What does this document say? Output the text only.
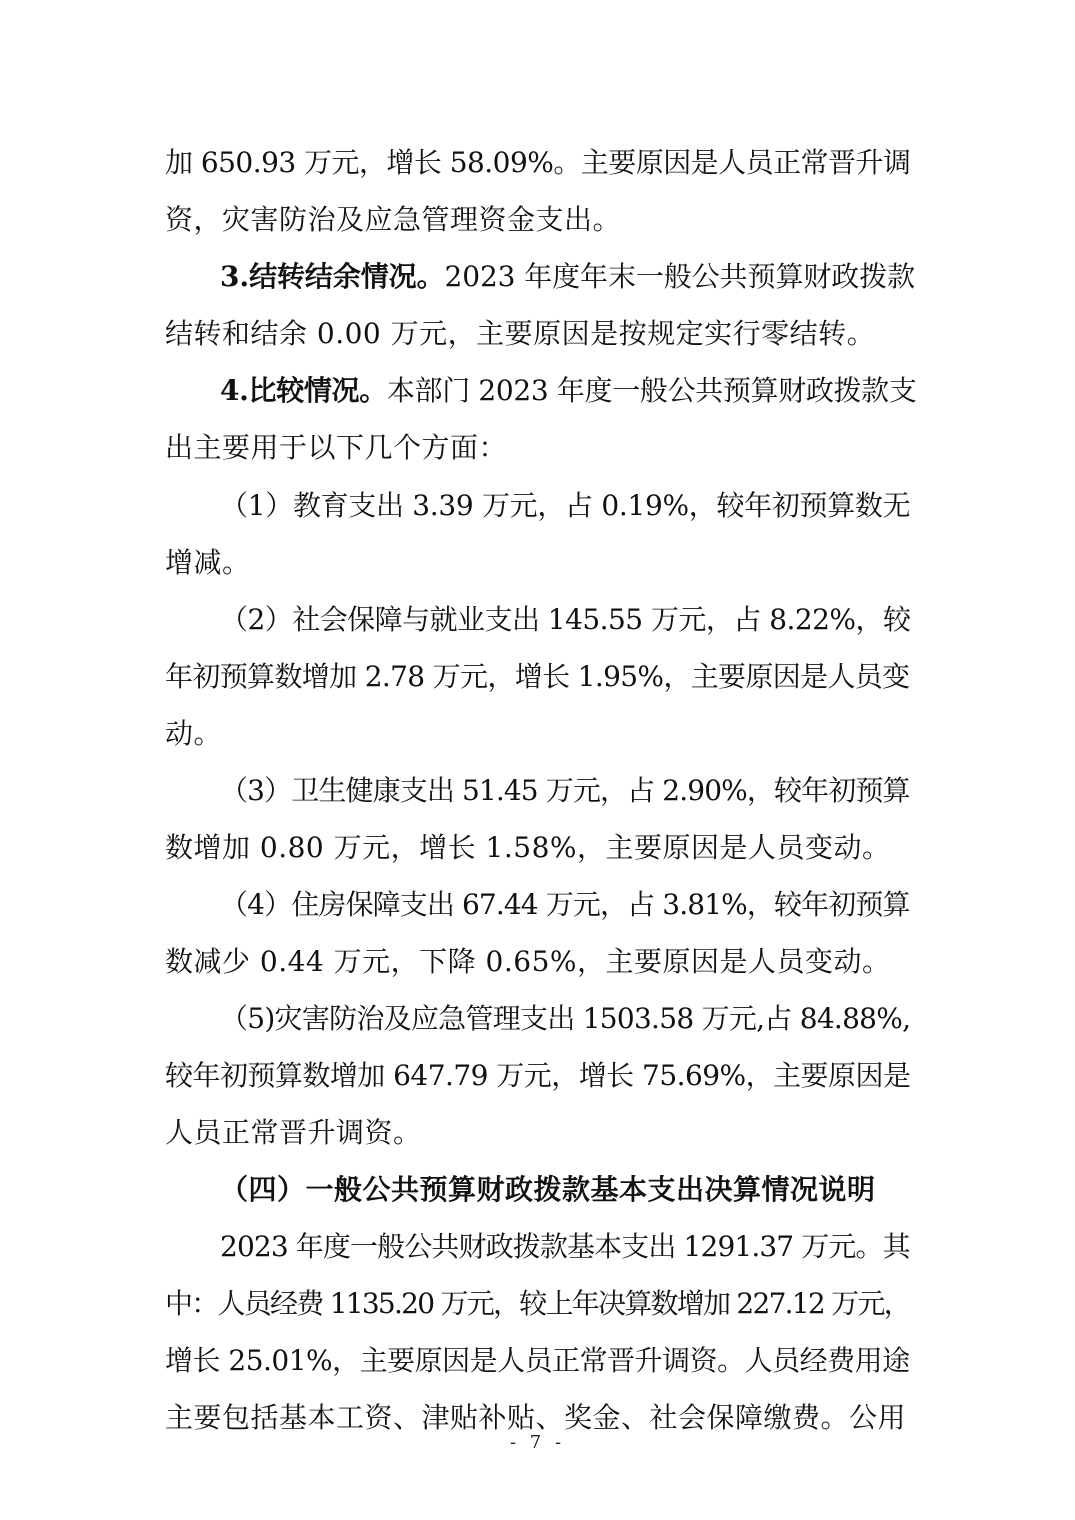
加 650.93 万元，增长 58.09%。主要原因是人员正常晋升调
资，灾害防治及应急管理资金支出。
3.结转结余情况。2023 年度年末一般公共预算财政拨款
结转和结余 0.00 万元，主要原因是按规定实行零结转。
4.比较情况。本部门 2023 年度一般公共预算财政拨款支
出主要用于以下几个方面：
（1）教育支出 3.39 万元，占 0.19%，较年初预算数无
增减。
（2）社会保障与就业支出 145.55 万元，占 8.22%，较
年初预算数增加 2.78 万元，增长 1.95%，主要原因是人员变
动。
（3）卫生健康支出 51.45 万元，占 2.90%，较年初预算
数增加 0.80 万元，增长 1.58%，主要原因是人员变动。
（4）住房保障支出 67.44 万元，占 3.81%，较年初预算
数减少 0.44 万元，下降 0.65%，主要原因是人员变动。
（5)灾害防治及应急管理支出 1503.58 万元,占 84.88%,
较年初预算数增加 647.79 万元，增长 75.69%，主要原因是
人员正常晋升调资。
（四）一般公共预算财政拨款基本支出决算情况说明
2023 年度一般公共财政拨款基本支出 1291.37 万元。其
中：人员经费 1135.20 万元，较上年决算数增加 227.12 万元，
增长 25.01%，主要原因是人员正常晋升调资。人员经费用途
主要包括基本工资、津贴补贴、奖金、社会保障缴费。公用
- 7 -
